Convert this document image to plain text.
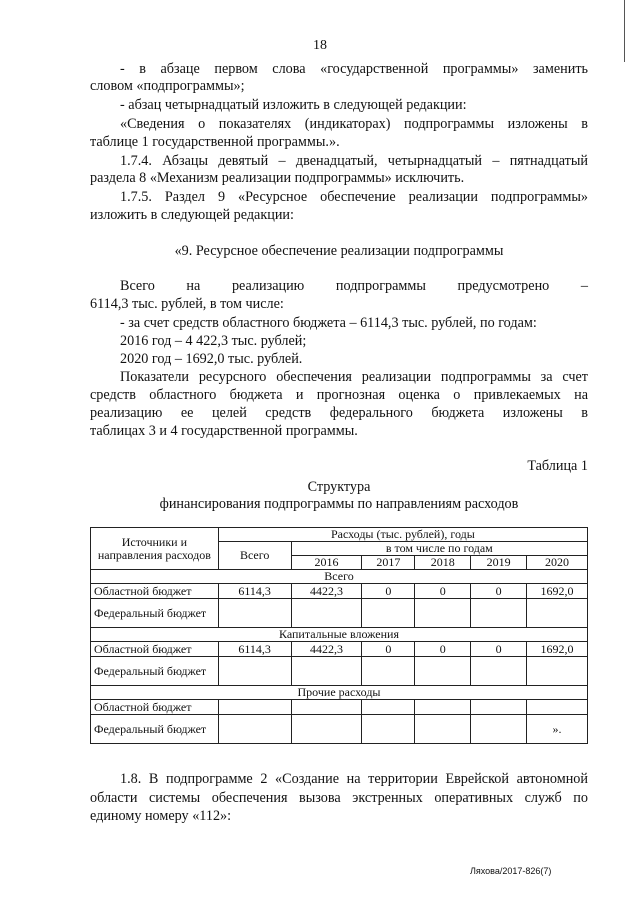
18
- в абзаце первом слова «государственной программы» заменить
словом «подпрограммы»;
- абзац четырнадцатый изложить в следующей редакции:
«Сведения о показателях (индикаторах) подпрограммы изложены в
таблице 1 государственной программы.».
1.7.4. Абзацы девятый – двенадцатый, четырнадцатый – пятнадцатый
раздела 8 «Механизм реализации подпрограммы» исключить.
1.7.5. Раздел 9 «Ресурсное обеспечение реализации подпрограммы»
изложить в следующей редакции:
«9. Ресурсное обеспечение реализации подпрограммы
Всего на реализацию подпрограммы предусмотрено –
6114,3 тыс. рублей, в том числе:
- за счет средств областного бюджета – 6114,3 тыс. рублей, по годам:
2016 год – 4 422,3 тыс. рублей;
2020 год – 1692,0 тыс. рублей.
Показатели ресурсного обеспечения реализации подпрограммы за счет
средств областного бюджета и прогнозная оценка о привлекаемых на
реализацию ее целей средств федерального бюджета изложены в
таблицах 3 и 4 государственной программы.
Таблица 1
Структура
финансирования подпрограммы по направлениям расходов
Источники и направления расходов	Расходы (тыс. рублей), годы					
	Всего	в том числе по годам				
		2016	2017	2018	2019	2020
Всего						
Областной бюджет	6114,3	4422,3	0	0	0	1692,0
Федеральный бюджет						
Капитальные вложения						
Областной бюджет	6114,3	4422,3	0	0	0	1692,0
Федеральный бюджет						
Прочие расходы						
Областной бюджет						
Федеральный бюджет						».
1.8. В подпрограмме 2 «Создание на территории Еврейской автономной
области системы обеспечения вызова экстренных оперативных служб по
единому номеру «112»:
Ляхова/2017-826(7)
